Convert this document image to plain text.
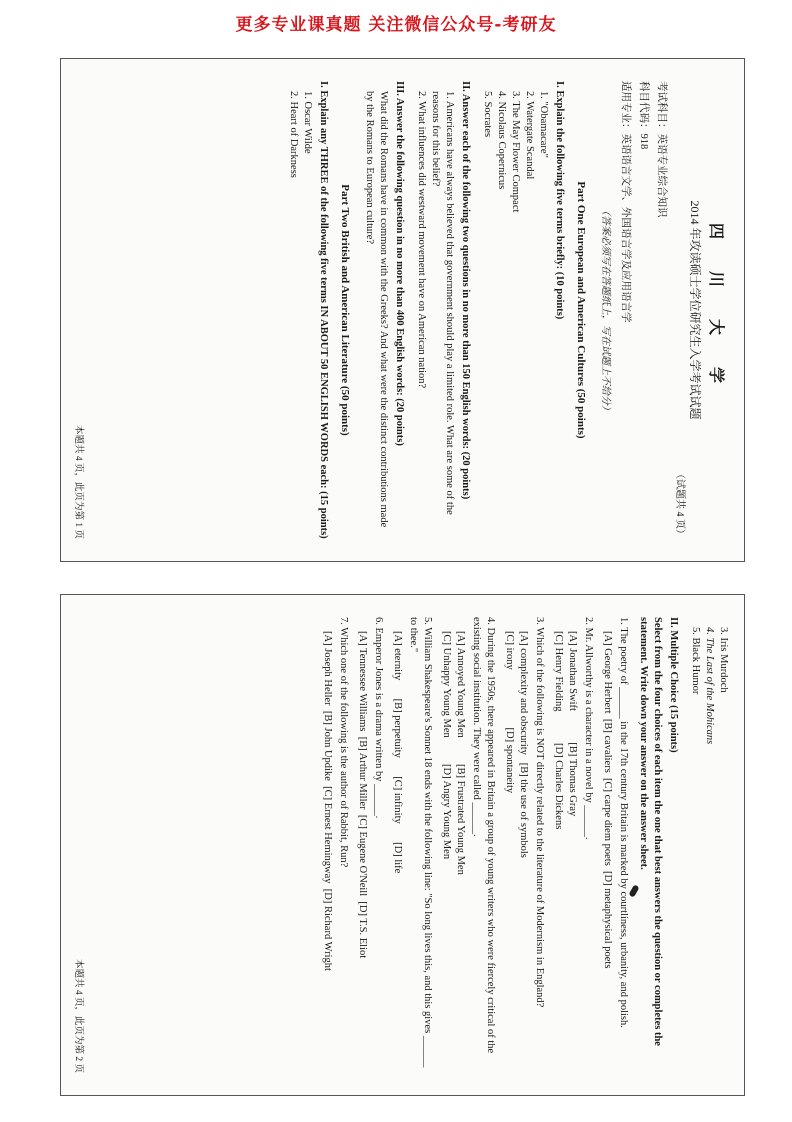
更多专业课真题 关注微信公众号-考研友
四 川 大 学
2014 年攻读硕士学位研究生入学考试试题
（试题共 4 页）
考试科目：英语专业综合知识
科目代码：918
适用专业：英语语言文学、外国语言学及应用语言学
（答案必须写在答题纸上，写在试题上不给分）
Part One European and American Cultures (50 points)
I. Explain the following five terms briefly: (10 points)
1. "Obamacare"
2. Watergate Scandal
3. The May Flower Compact
4. Nicolaus Copernicus
5. Socrates
II. Answer each of the following two questions in no more than 150 English words: (20 points)
1. Americans have always believed that government should play a limited role. What are some of the reasons for this belief?
2. What influences did westward movement have on American nation?
III. Answer the following question in no more than 400 English words: (20 points)
What did the Romans have in common with the Greeks? And what were the distinct contributions made by the Romans to European culture?
Part Two British and American Literature (50 points)
I. Explain any THREE of the following five terms IN ABOUT 50 ENGLISH WORDS each: (15 points)
1. Oscar Wilde
2. Heart of Darkness
本题共 4 页，此页为第 1 页
3. Iris Murdoch
4. The Last of the Mohicans
5. Black Humor
II. Multiple Choice (15 points)
Select from the four choices of each item the one that best answers the question or completes the statement. Write down your answer on the answer sheet.
1. The poetry of ______ in the 17th century Britain is marked by courtliness, urbanity, and polish.
[A] George Herbert  [B] cavaliers  [C] carpe diem poets  [D] metaphysical poets
2. Mr. Allworthy is a character in a novel by ______.
[A] Jonathan Swift            [B] Thomas Gray
[C] Henry Fielding            [D] Charles Dickens
3. Which of the following is NOT directly related to the literature of Modernism in England?
[A] complexity and obscurity   [B] the use of symbols
[C] irony                      [D] spontaneity
4. During the 1950s, there appeared in Britain a group of young writers who were fiercely critical of the existing social institution. They were called ______.
[A] Annoyed Young Men          [B] Frustrated Young Men
[C] Unhappy Young Men          [D] Angry Young Men
5. William Shakespeare's Sonnet 18 ends with the following line: "So long lives this, and this gives ______ to thee."
[A] eternity       [B] perpetuity       [C] infinity       [D] life
6. Emperor Jones is a drama written by ______.
[A] Tennessee Williams  [B] Arthur Miller  [C] Eugene O'Neill  [D] T.S. Eliot
7. Which one of the following is the author of Rabbit, Run?
[A] Joseph Heller  [B] John Updike  [C] Ernest Hemingway  [D] Richard Wright
本题共 4 页，此页为第 2 页
